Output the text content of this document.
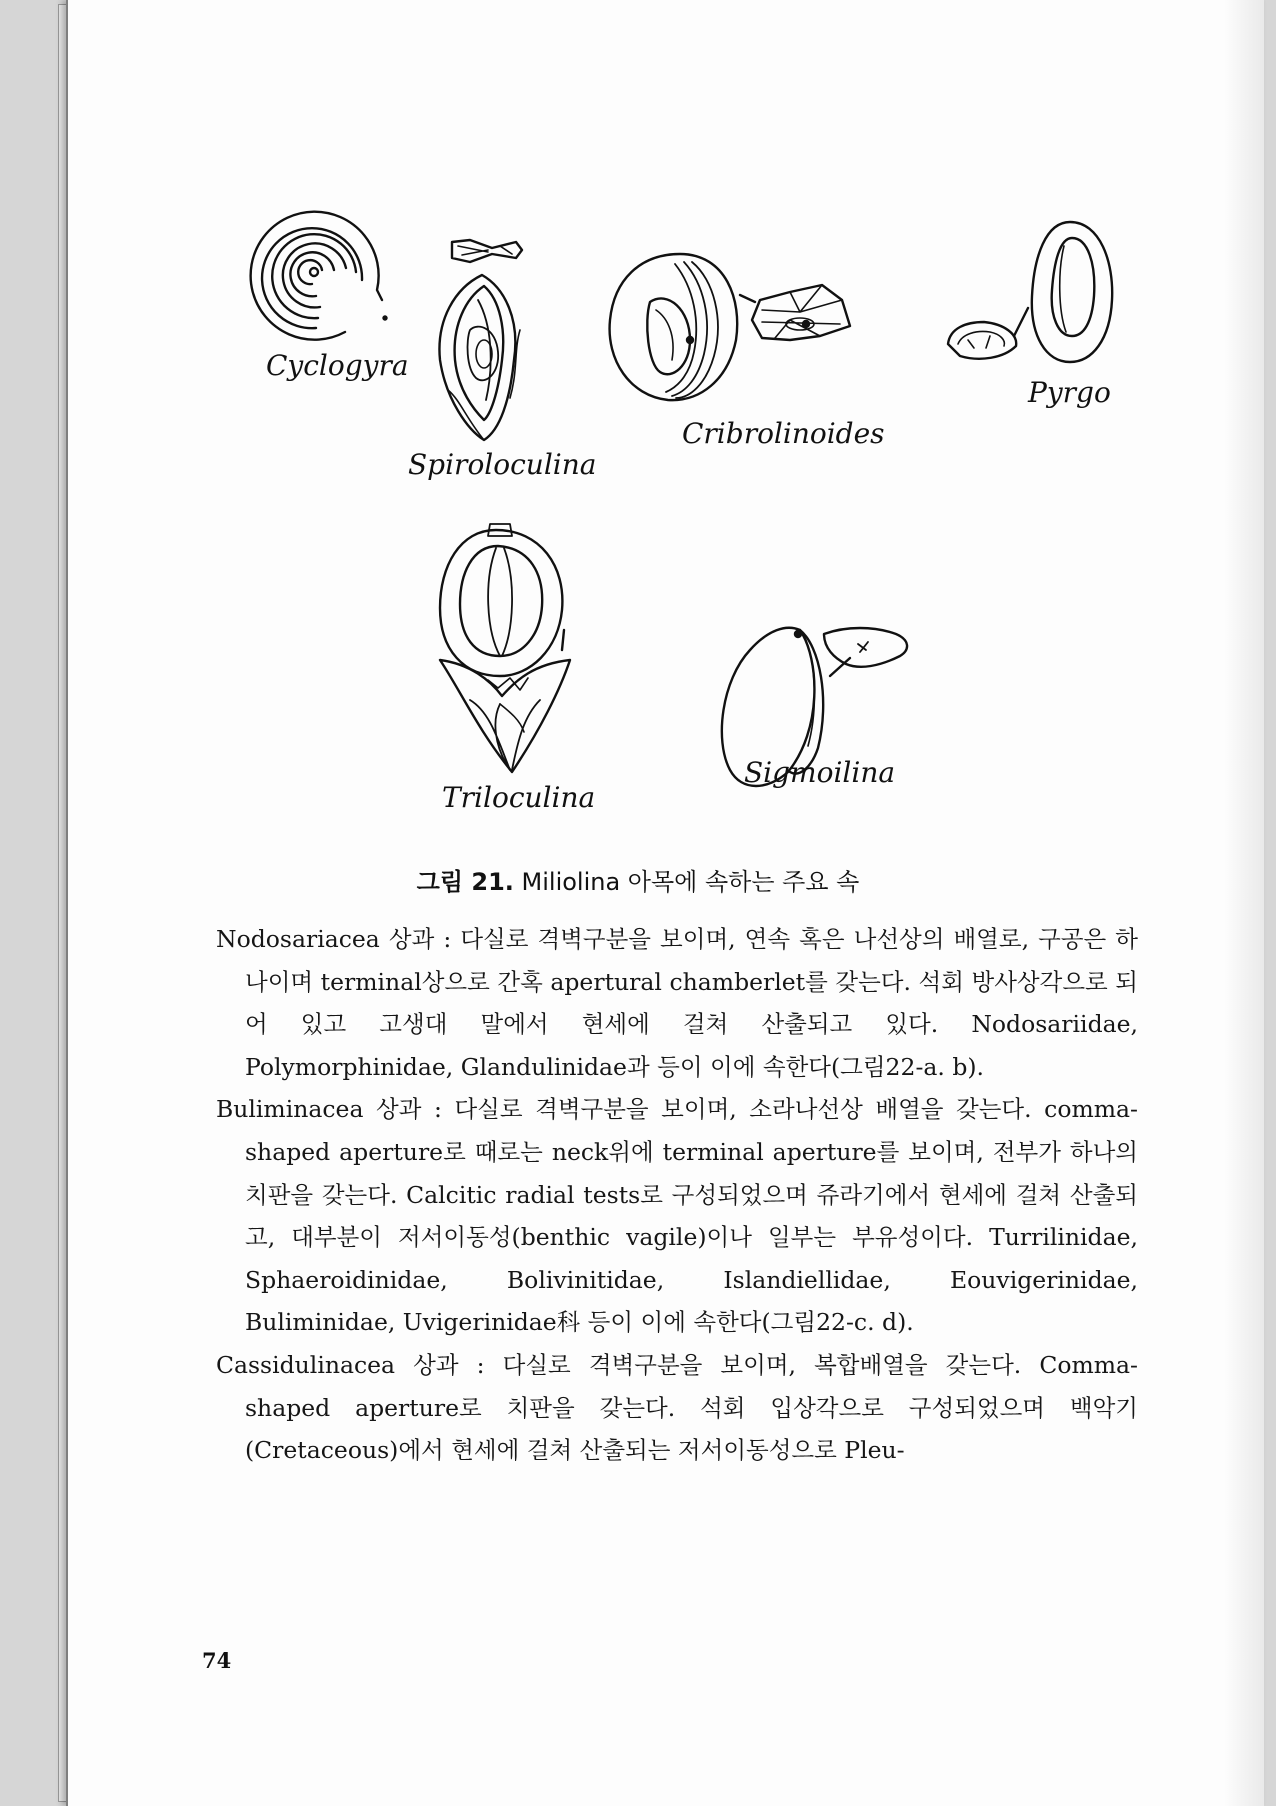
Cyclogyra
Spiroloculina
Cribrolinoides
Pyrgo
Triloculina
Sigmoilina
그림 21. Miliolina 아목에 속하는 주요 속

Nodosariacea 상과 : 다실로 격벽구분을 보이며, 연속 혹은 나선상의 배열로, 구공은 하나이며 terminal상으로 간혹 apertural chamberlet를 갖는다. 석회 방사상각으로 되어 있고 고생대 말에서 현세에 걸쳐 산출되고 있다. Nodosariidae, Polymorphinidae, Glandulinidae과 등이 이에 속한다(그림22-a. b).

Buliminacea 상과 : 다실로 격벽구분을 보이며, 소라나선상 배열을 갖는다. comma-shaped aperture로 때로는 neck위에 terminal aperture를 보이며, 전부가 하나의 치판을 갖는다. Calcitic radial tests로 구성되었으며 쥬라기에서 현세에 걸쳐 산출되고, 대부분이 저서이동성(benthic vagile)이나 일부는 부유성이다. Turrilinidae, Sphaeroidinidae, Bolivinitidae, Islandiellidae, Eouvigerinidae, Buliminidae, Uvigerinidae科 등이 이에 속한다(그림22-c. d).

Cassidulinacea 상과 : 다실로 격벽구분을 보이며, 복합배열을 갖는다. Comma-shaped aperture로 치판을 갖는다. 석회 입상각으로 구성되었으며 백악기(Cretaceous)에서 현세에 걸쳐 산출되는 저서이동성으로 Pleu-

74
